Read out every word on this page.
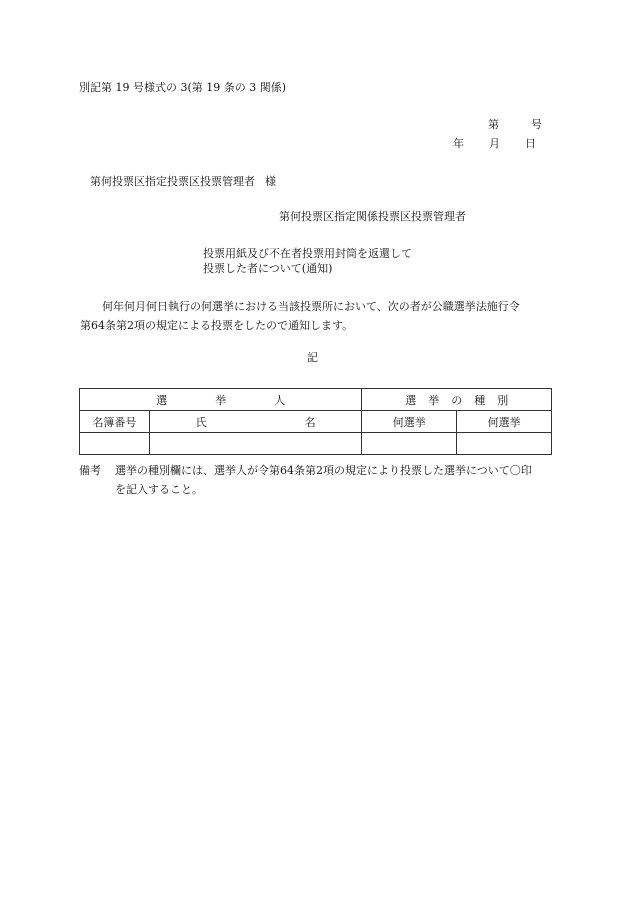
別記第 19 号様式の 3(第 19 条の 3 関係)
第	号
年 月 日
第何投票区指定投票区投票管理者 様
第何投票区指定関係投票区投票管理者
投票用紙及び不在者投票用封筒を返還して
投票した者について(通知)
何年何月何日執行の何選挙における当該投票所において、次の者が公職選挙法施行令
第64条第2項の規定による投票をしたので通知します。
記
選 挙 人		選 挙 の 種 別	
名簿番号	氏 名	何選挙	何選挙

備考 選挙の種別欄には、選挙人が令第64条第2項の規定により投票した選挙について〇印
を記入すること。
